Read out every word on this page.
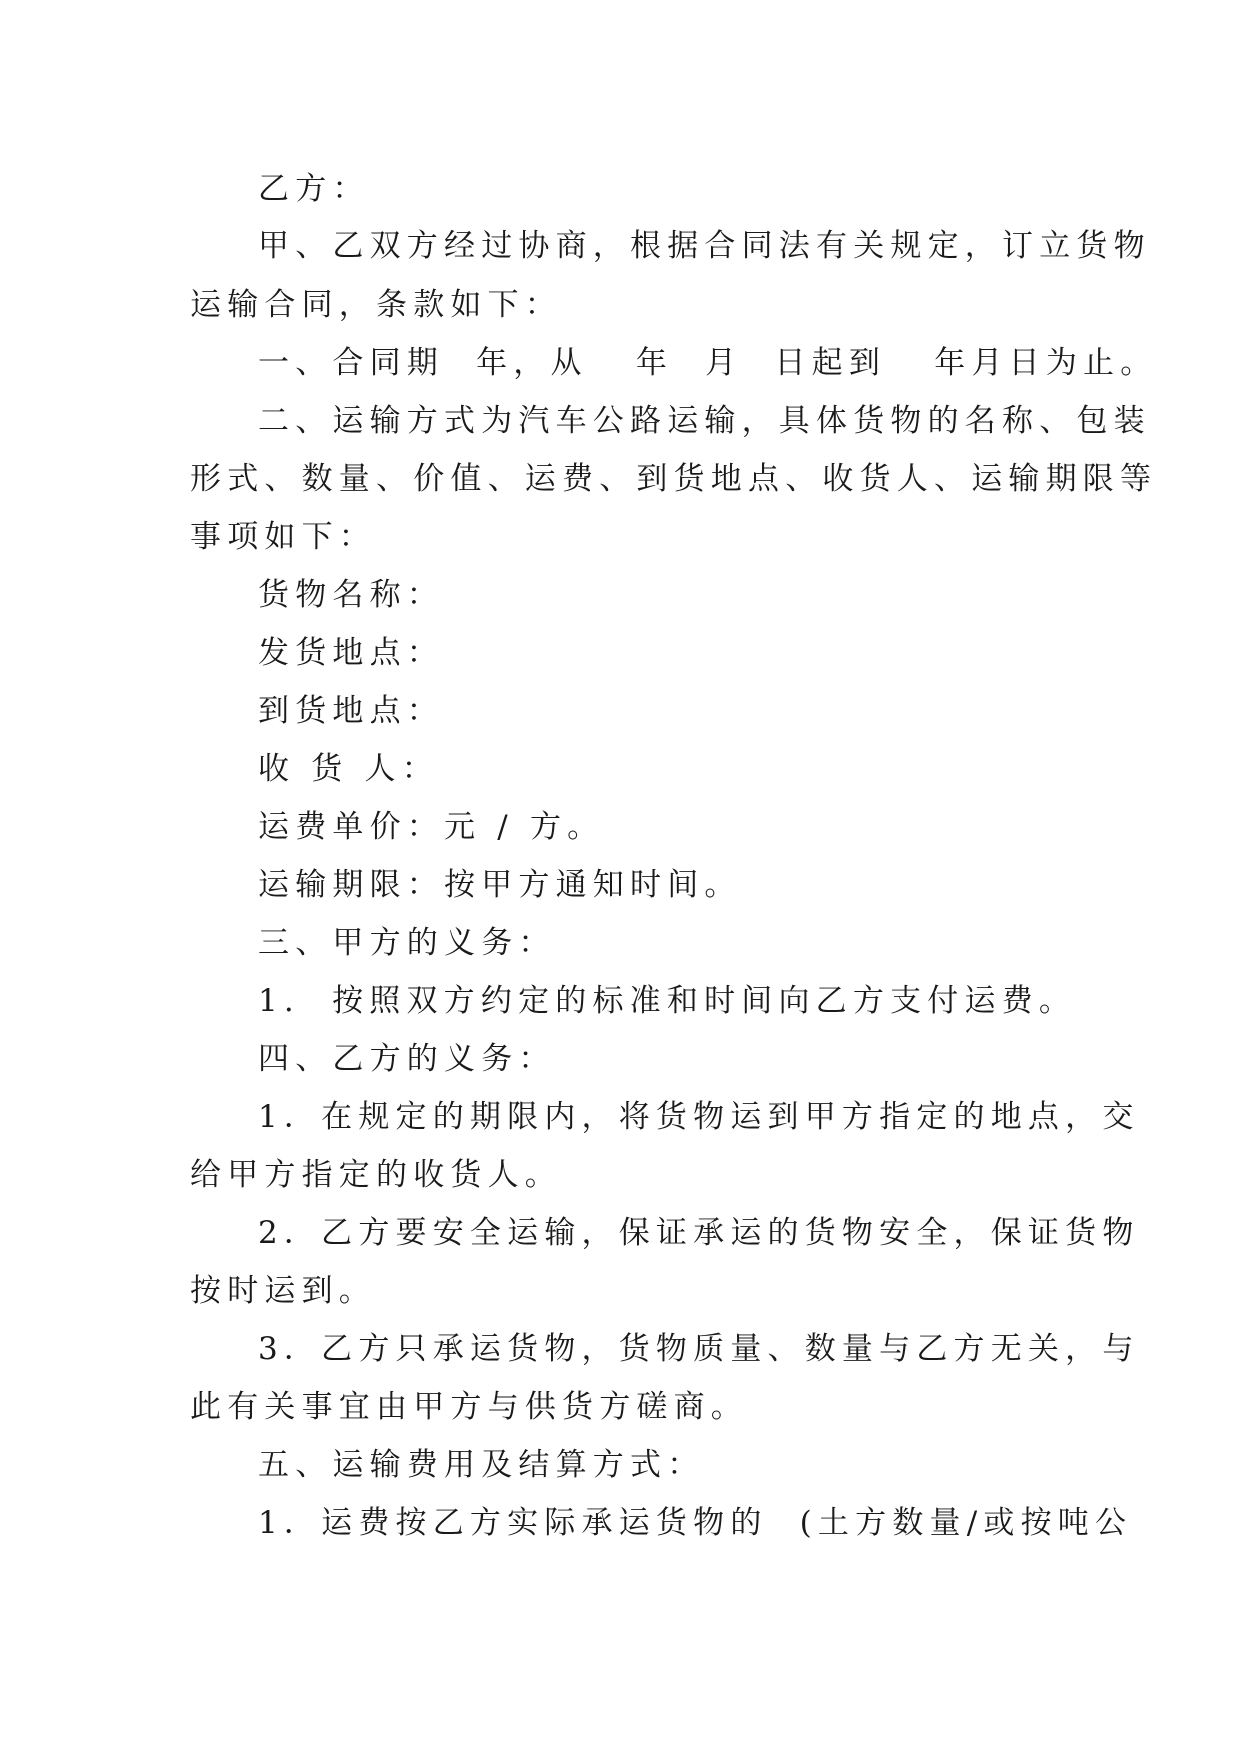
乙方：
甲、乙双方经过协商，根据合同法有关规定，订立货物
运输合同，条款如下：
一、合同期  年，从   年  月  日起到   年月日为止。
二、运输方式为汽车公路运输，具体货物的名称、包装
形式、数量、价值、运费、到货地点、收货人、运输期限等
事项如下：
货物名称：
发货地点：
到货地点：
收 货 人：
运费单价：元 / 方。
运输期限：按甲方通知时间。
三、甲方的义务：
1.  按照双方约定的标准和时间向乙方支付运费。
四、乙方的义务：
1．在规定的期限内，将货物运到甲方指定的地点，交
给甲方指定的收货人。
2．乙方要安全运输，保证承运的货物安全，保证货物
按时运到。
3．乙方只承运货物，货物质量、数量与乙方无关，与
此有关事宜由甲方与供货方磋商。
五、运输费用及结算方式：
1．运费按乙方实际承运货物的  (土方数量/或按吨公
